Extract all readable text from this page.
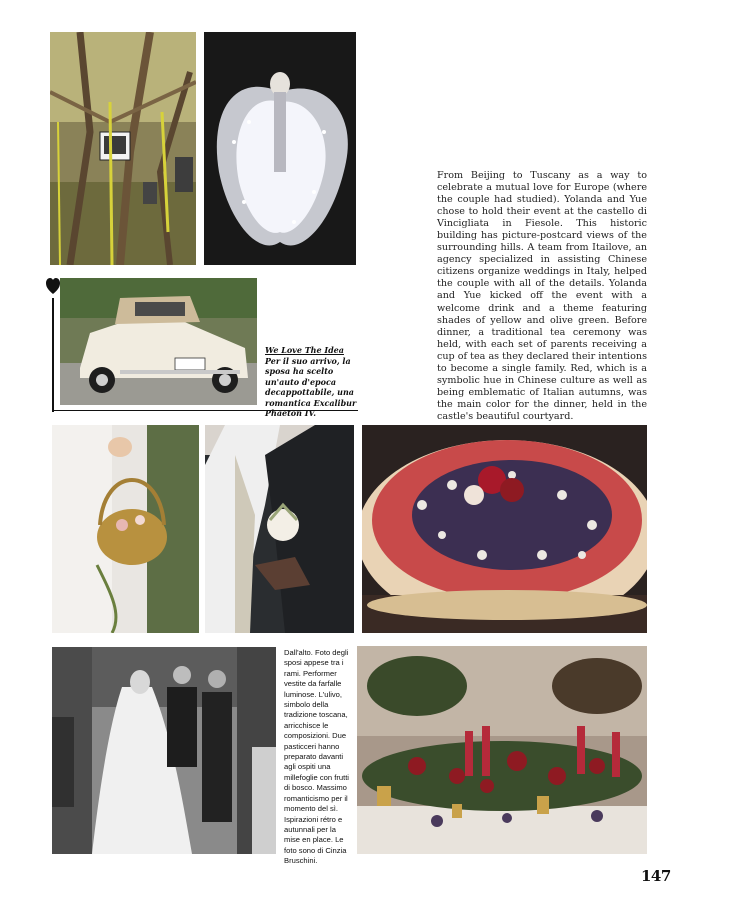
We Love The Idea
Per il suo arrivo, la sposa ha scelto un'auto d'epoca decappottabile, una romantica Excalibur Phaeton IV.

From Beijing to Tuscany as a way to celebrate a mutual love for Europe (where the couple had studied). Yolanda and Yue chose to hold their event at the castello di Vincigliata in Fiesole. This historic building has picture-postcard views of the surrounding hills. A team from Itailove, an agency specialized in assisting Chinese citizens organize weddings in Italy, helped the couple with all of the details. Yolanda and Yue kicked off the event with a welcome drink and a theme featuring shades of yellow and olive green. Before dinner, a traditional tea ceremony was held, with each set of parents receiving a cup of tea as they declared their intentions to become a single family. Red, which is a symbolic hue in Chinese culture as well as being emblematic of Italian autumns, was the main color for the dinner, held in the castle's beautiful courtyard.

Dall'alto. Foto degli sposi appese tra i rami. Performer vestite da farfalle luminose. L'ulivo, simbolo della tradizione toscana, arricchisce le composizioni. Due pasticceri hanno preparato davanti agli ospiti una millefoglie con frutti di bosco. Massimo romanticismo per il momento del sì. Ispirazioni rétro e autunnali per la mise en place. Le foto sono di Cinzia Bruschini.
147
